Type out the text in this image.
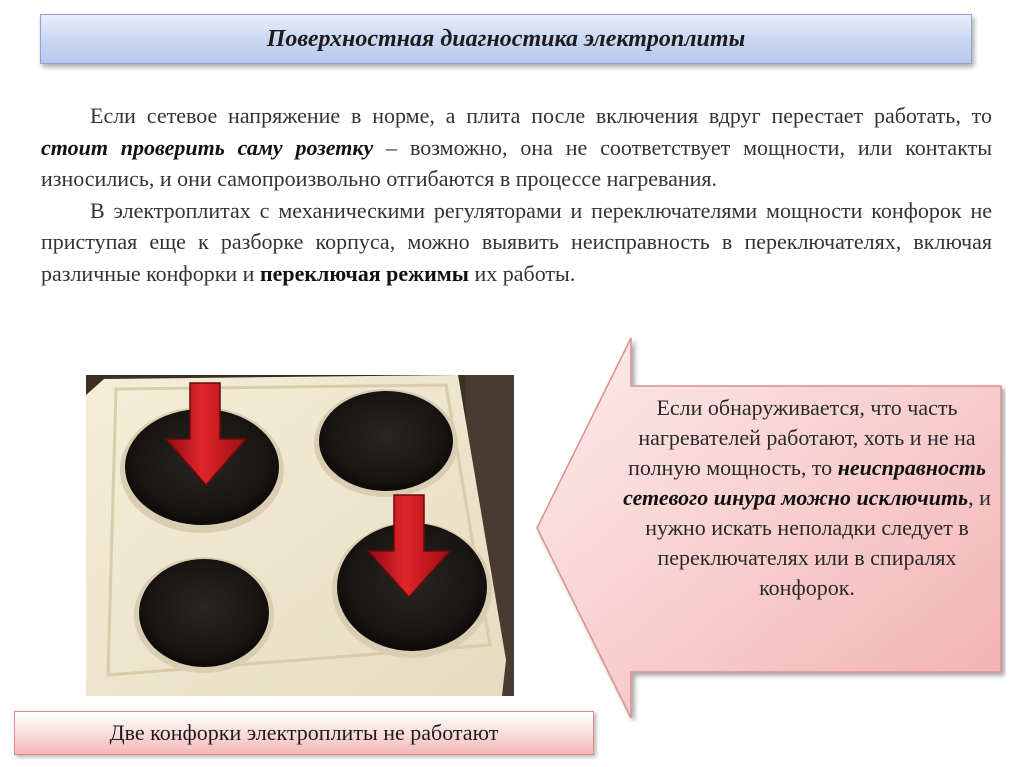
Поверхностная диагностика электроплиты

Если сетевое напряжение в норме, а плита после включения вдруг перестает работать, то стоит проверить саму розетку – возможно, она не соответствует мощности, или контакты износились, и они самопроизвольно отгибаются в процессе нагревания.

В электроплитах с механическими регуляторами и переключателями мощности конфорок не приступая еще к разборке корпуса, можно выявить неисправность в переключателях, включая различные конфорки и переключая режимы их работы.

Две конфорки электроплиты не работают
Если обнаруживается, что часть нагревателей работают, хоть и не на полную мощность, то неисправность сетевого шнура можно исключить, и нужно искать неполадки следует в переключателях или в спиралях конфорок.
